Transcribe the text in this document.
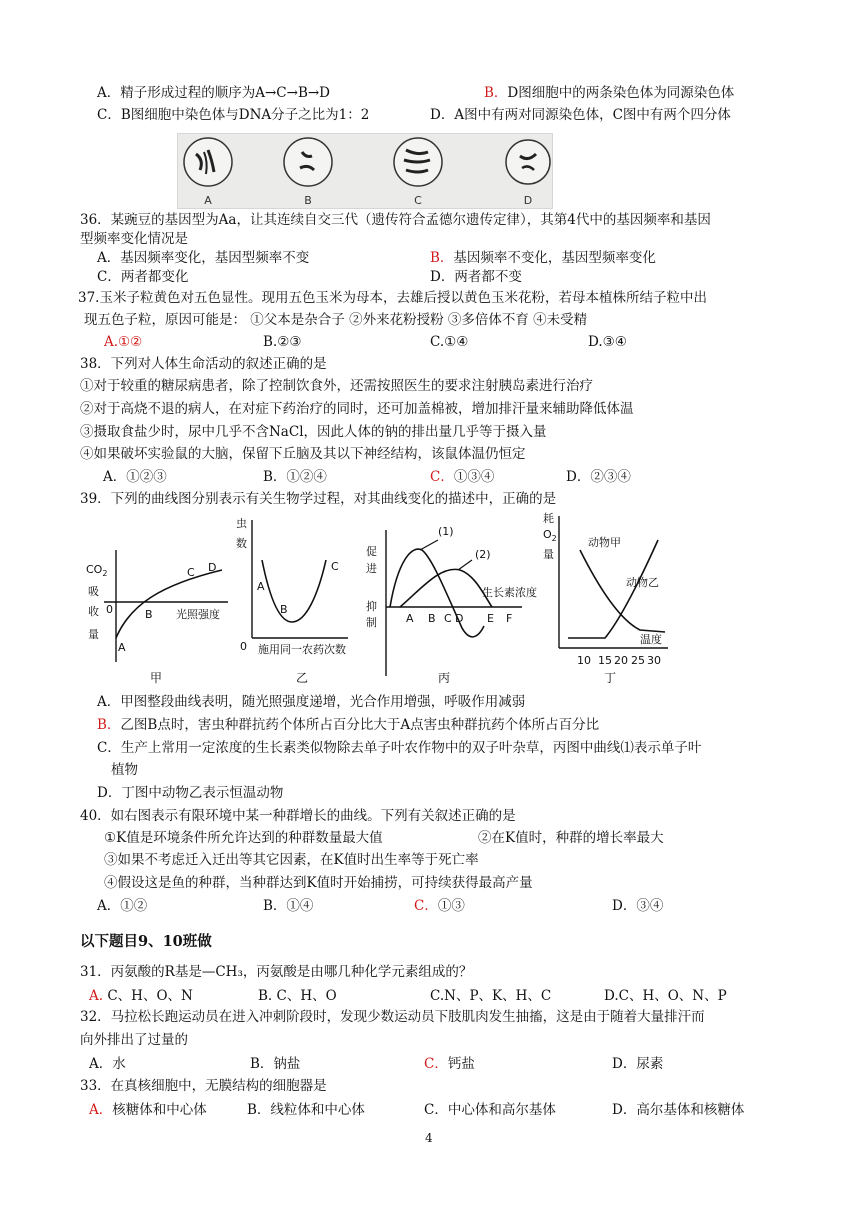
A．精子形成过程的顺序为A→C→B→D	B．D图细胞中的两条染色体为同源染色体
C．B图细胞中染色体与DNA分子之比为1：2	D．A图中有两对同源染色体，C图中有两个四分体
A	B	C	D
36．某豌豆的基因型为Aa，让其连续自交三代（遗传符合孟德尔遗传定律），其第4代中的基因频率和基因
型频率变化情况是
A．基因频率变化，基因型频率不变	B．基因频率不变化，基因型频率变化
C．两者都变化	D．两者都不变
37.玉米子粒黄色对五色显性。现用五色玉米为母本，去雄后授以黄色玉米花粉，若母本植株所结子粒中出
现五色子粒，原因可能是： ①父本是杂合子 ②外来花粉授粉 ③多倍体不育 ④未受精
A.①②	B.②③	C.①④	D.③④
38．下列对人体生命活动的叙述正确的是
①对于较重的糖尿病患者，除了控制饮食外，还需按照医生的要求注射胰岛素进行治疗
②对于高烧不退的病人，在对症下药治疗的同时，还可加盖棉被，增加排汗量来辅助降低体温
③摄取食盐少时，尿中几乎不含NaCl，因此人体的钠的排出量几乎等于摄入量
④如果破坏实验鼠的大脑，保留下丘脑及其以下神经结构，该鼠体温仍恒定
A．①②③	B．①②④	C．①③④	D．②③④
39．下列的曲线图分别表示有关生物学过程，对其曲线变化的描述中，正确的是
$CO_2$
吸
收
量
0
A
B
C D
光照强度
甲
虫
数
A
B
C
0 施用同一农药次数
乙
促
进
抑
制
(1)
(2)
生长素浓度
A B C D E F
丙
耗
$O_2$
量
动物甲
动物乙
温度
10 15 20 25 30
丁
A．甲图整段曲线表明，随光照强度递增，光合作用增强，呼吸作用减弱
B．乙图B点时，害虫种群抗药个体所占百分比大于A点害虫种群抗药个体所占百分比
C．生产上常用一定浓度的生长素类似物除去单子叶农作物中的双子叶杂草，丙图中曲线⑴表示单子叶
植物
D．丁图中动物乙表示恒温动物
40．如右图表示有限环境中某一种群增长的曲线。下列有关叙述正确的是
①K值是环境条件所允许达到的种群数量最大值	②在K值时，种群的增长率最大
③如果不考虑迁入迁出等其它因素，在K值时出生率等于死亡率
④假设这是鱼的种群，当种群达到K值时开始捕捞，可持续获得最高产量
A．①②	B．①④	C．①③	D．③④
以下题目9、10班做
31．丙氨酸的R基是—CH₃，丙氨酸是由哪几种化学元素组成的？
A. C、H、O、N	B. C、H、O	C.N、P、K、H、C	D.C、H、O、N、P
32．马拉松长跑运动员在进入冲刺阶段时，发现少数运动员下肢肌肉发生抽搐，这是由于随着大量排汗而
向外排出了过量的
A．水	B．钠盐	C．钙盐	D．尿素
33．在真核细胞中，无膜结构的细胞器是
A．核糖体和中心体	B．线粒体和中心体	C．中心体和高尔基体	D．高尔基体和核糖体
4
